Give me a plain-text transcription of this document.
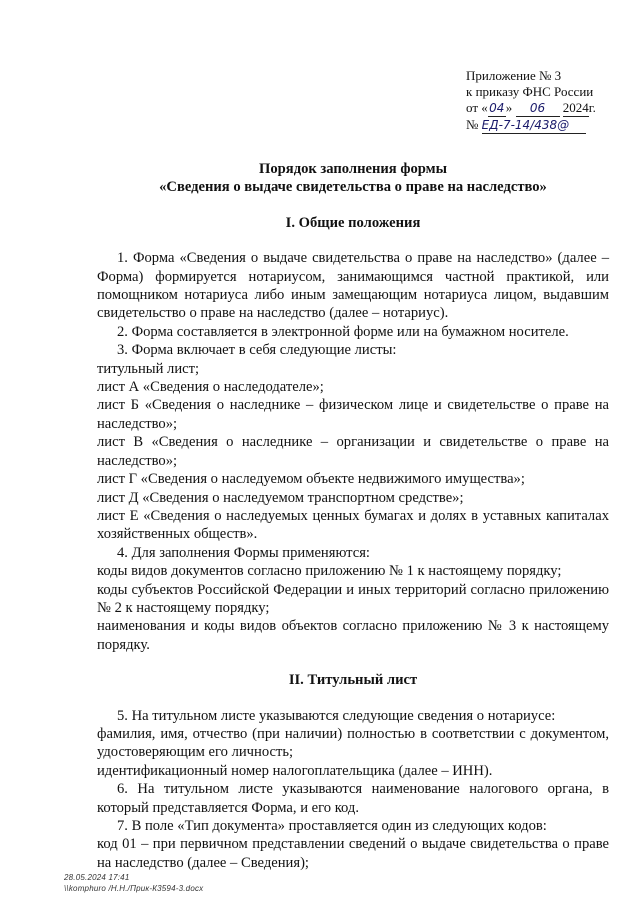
Приложение № 3
к приказу ФНС России
от «04» 06 2024г.
№ ЕД-7-14/438@

Порядок заполнения формы

«Сведения о выдаче свидетельства о праве на наследство»

I. Общие положения

1. Форма «Сведения о выдаче свидетельства о праве на наследство» (далее – Форма) формируется нотариусом, занимающимся частной практикой, или помощником нотариуса либо иным замещающим нотариуса лицом, выдавшим свидетельство о праве на наследство (далее – нотариус).

2. Форма составляется в электронной форме или на бумажном носителе.

3. Форма включает в себя следующие листы:

титульный лист;

лист А «Сведения о наследодателе»;

лист Б «Сведения о наследнике – физическом лице и свидетельстве о праве на наследство»;

лист В «Сведения о наследнике – организации и свидетельстве о праве на наследство»;

лист Г «Сведения о наследуемом объекте недвижимого имущества»;

лист Д «Сведения о наследуемом транспортном средстве»;

лист Е «Сведения о наследуемых ценных бумагах и долях в уставных капиталах хозяйственных обществ».

4. Для заполнения Формы применяются:

коды видов документов согласно приложению № 1 к настоящему порядку;

коды субъектов Российской Федерации и иных территорий согласно приложению № 2 к настоящему порядку;

наименования и коды видов объектов согласно приложению № 3 к настоящему порядку.

II. Титульный лист

5. На титульном листе указываются следующие сведения о нотариусе:

фамилия, имя, отчество (при наличии) полностью в соответствии с документом, удостоверяющим его личность;

идентификационный номер налогоплательщика (далее – ИНН).

6. На титульном листе указываются наименование налогового органа, в который представляется Форма, и его код.

7. В поле «Тип документа» проставляется один из следующих кодов:

код 01 – при первичном представлении сведений о выдаче свидетельства о праве на наследство (далее – Сведения);

28.05.2024 17:41
\\komphuro /Н.Н./Прик-К3594-3.docx
